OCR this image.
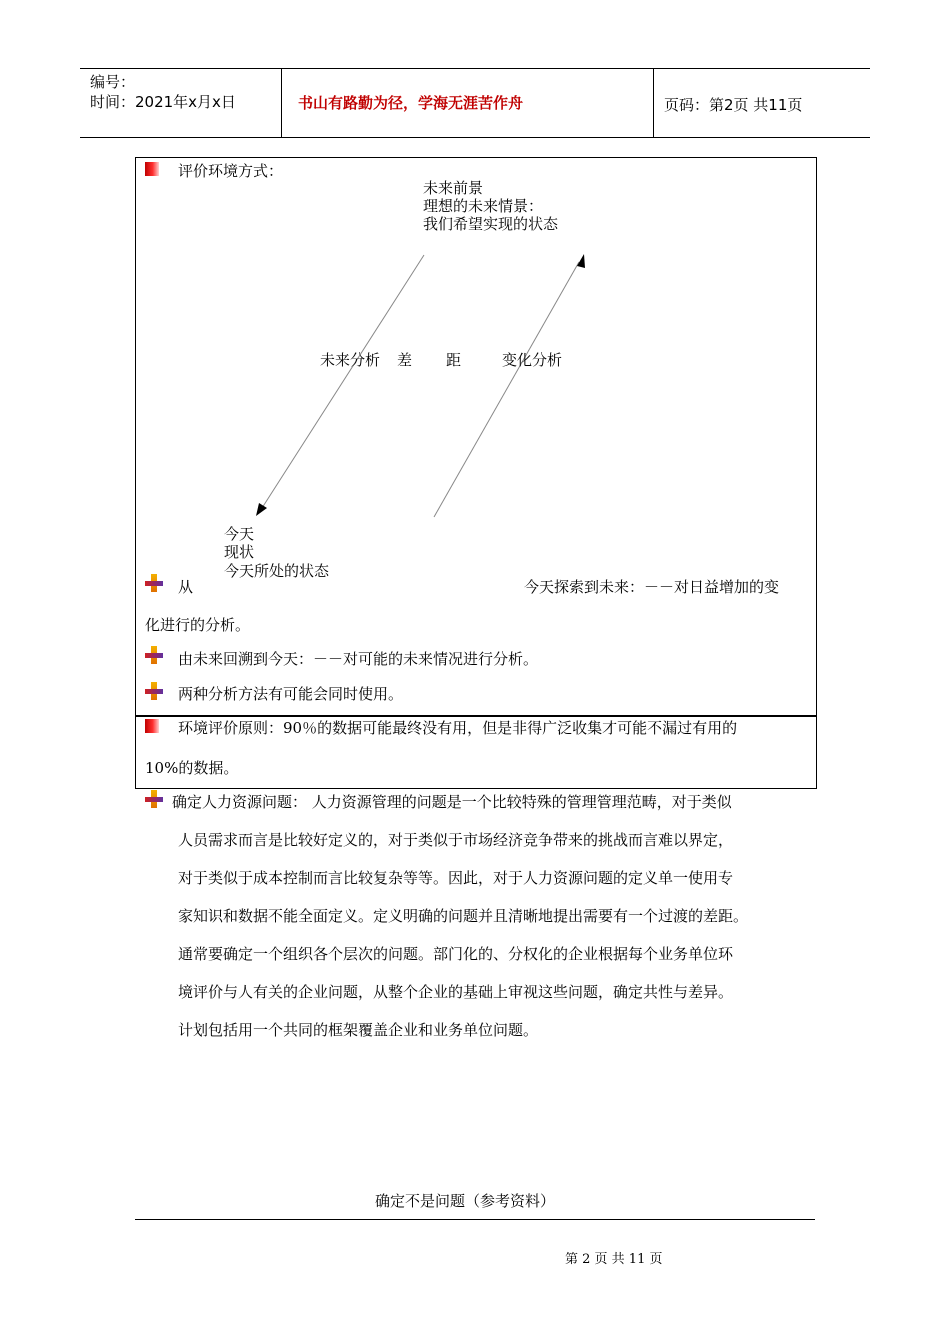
编号：
时间：2021年x月x日	书山有路勤为径，学海无涯苦作舟	页码：第2页 共11页
评价环境方式：
未来前景
理想的未来情景：
我们希望实现的状态
未来分析 差 距	变化分析
今天
现状
今天所处的状态
从	今天探索到未来：－－对日益增加的变
化进行的分析。
由未来回溯到今天：－－对可能的未来情况进行分析。
两种分析方法有可能会同时使用。
环境评价原则：90％的数据可能最终没有用，但是非得广泛收集才可能不漏过有用的
10%的数据。
确定人力资源问题： 人力资源管理的问题是一个比较特殊的管理管理范畴，对于类似
人员需求而言是比较好定义的，对于类似于市场经济竞争带来的挑战而言难以界定，
对于类似于成本控制而言比较复杂等等。因此，对于人力资源问题的定义单一使用专
家知识和数据不能全面定义。定义明确的问题并且清晰地提出需要有一个过渡的差距。
通常要确定一个组织各个层次的问题。部门化的、分权化的企业根据每个业务单位环
境评价与人有关的企业问题，从整个企业的基础上审视这些问题，确定共性与差异。
计划包括用一个共同的框架覆盖企业和业务单位问题。
确定不是问题（参考资料）
第 2 页 共 11 页
